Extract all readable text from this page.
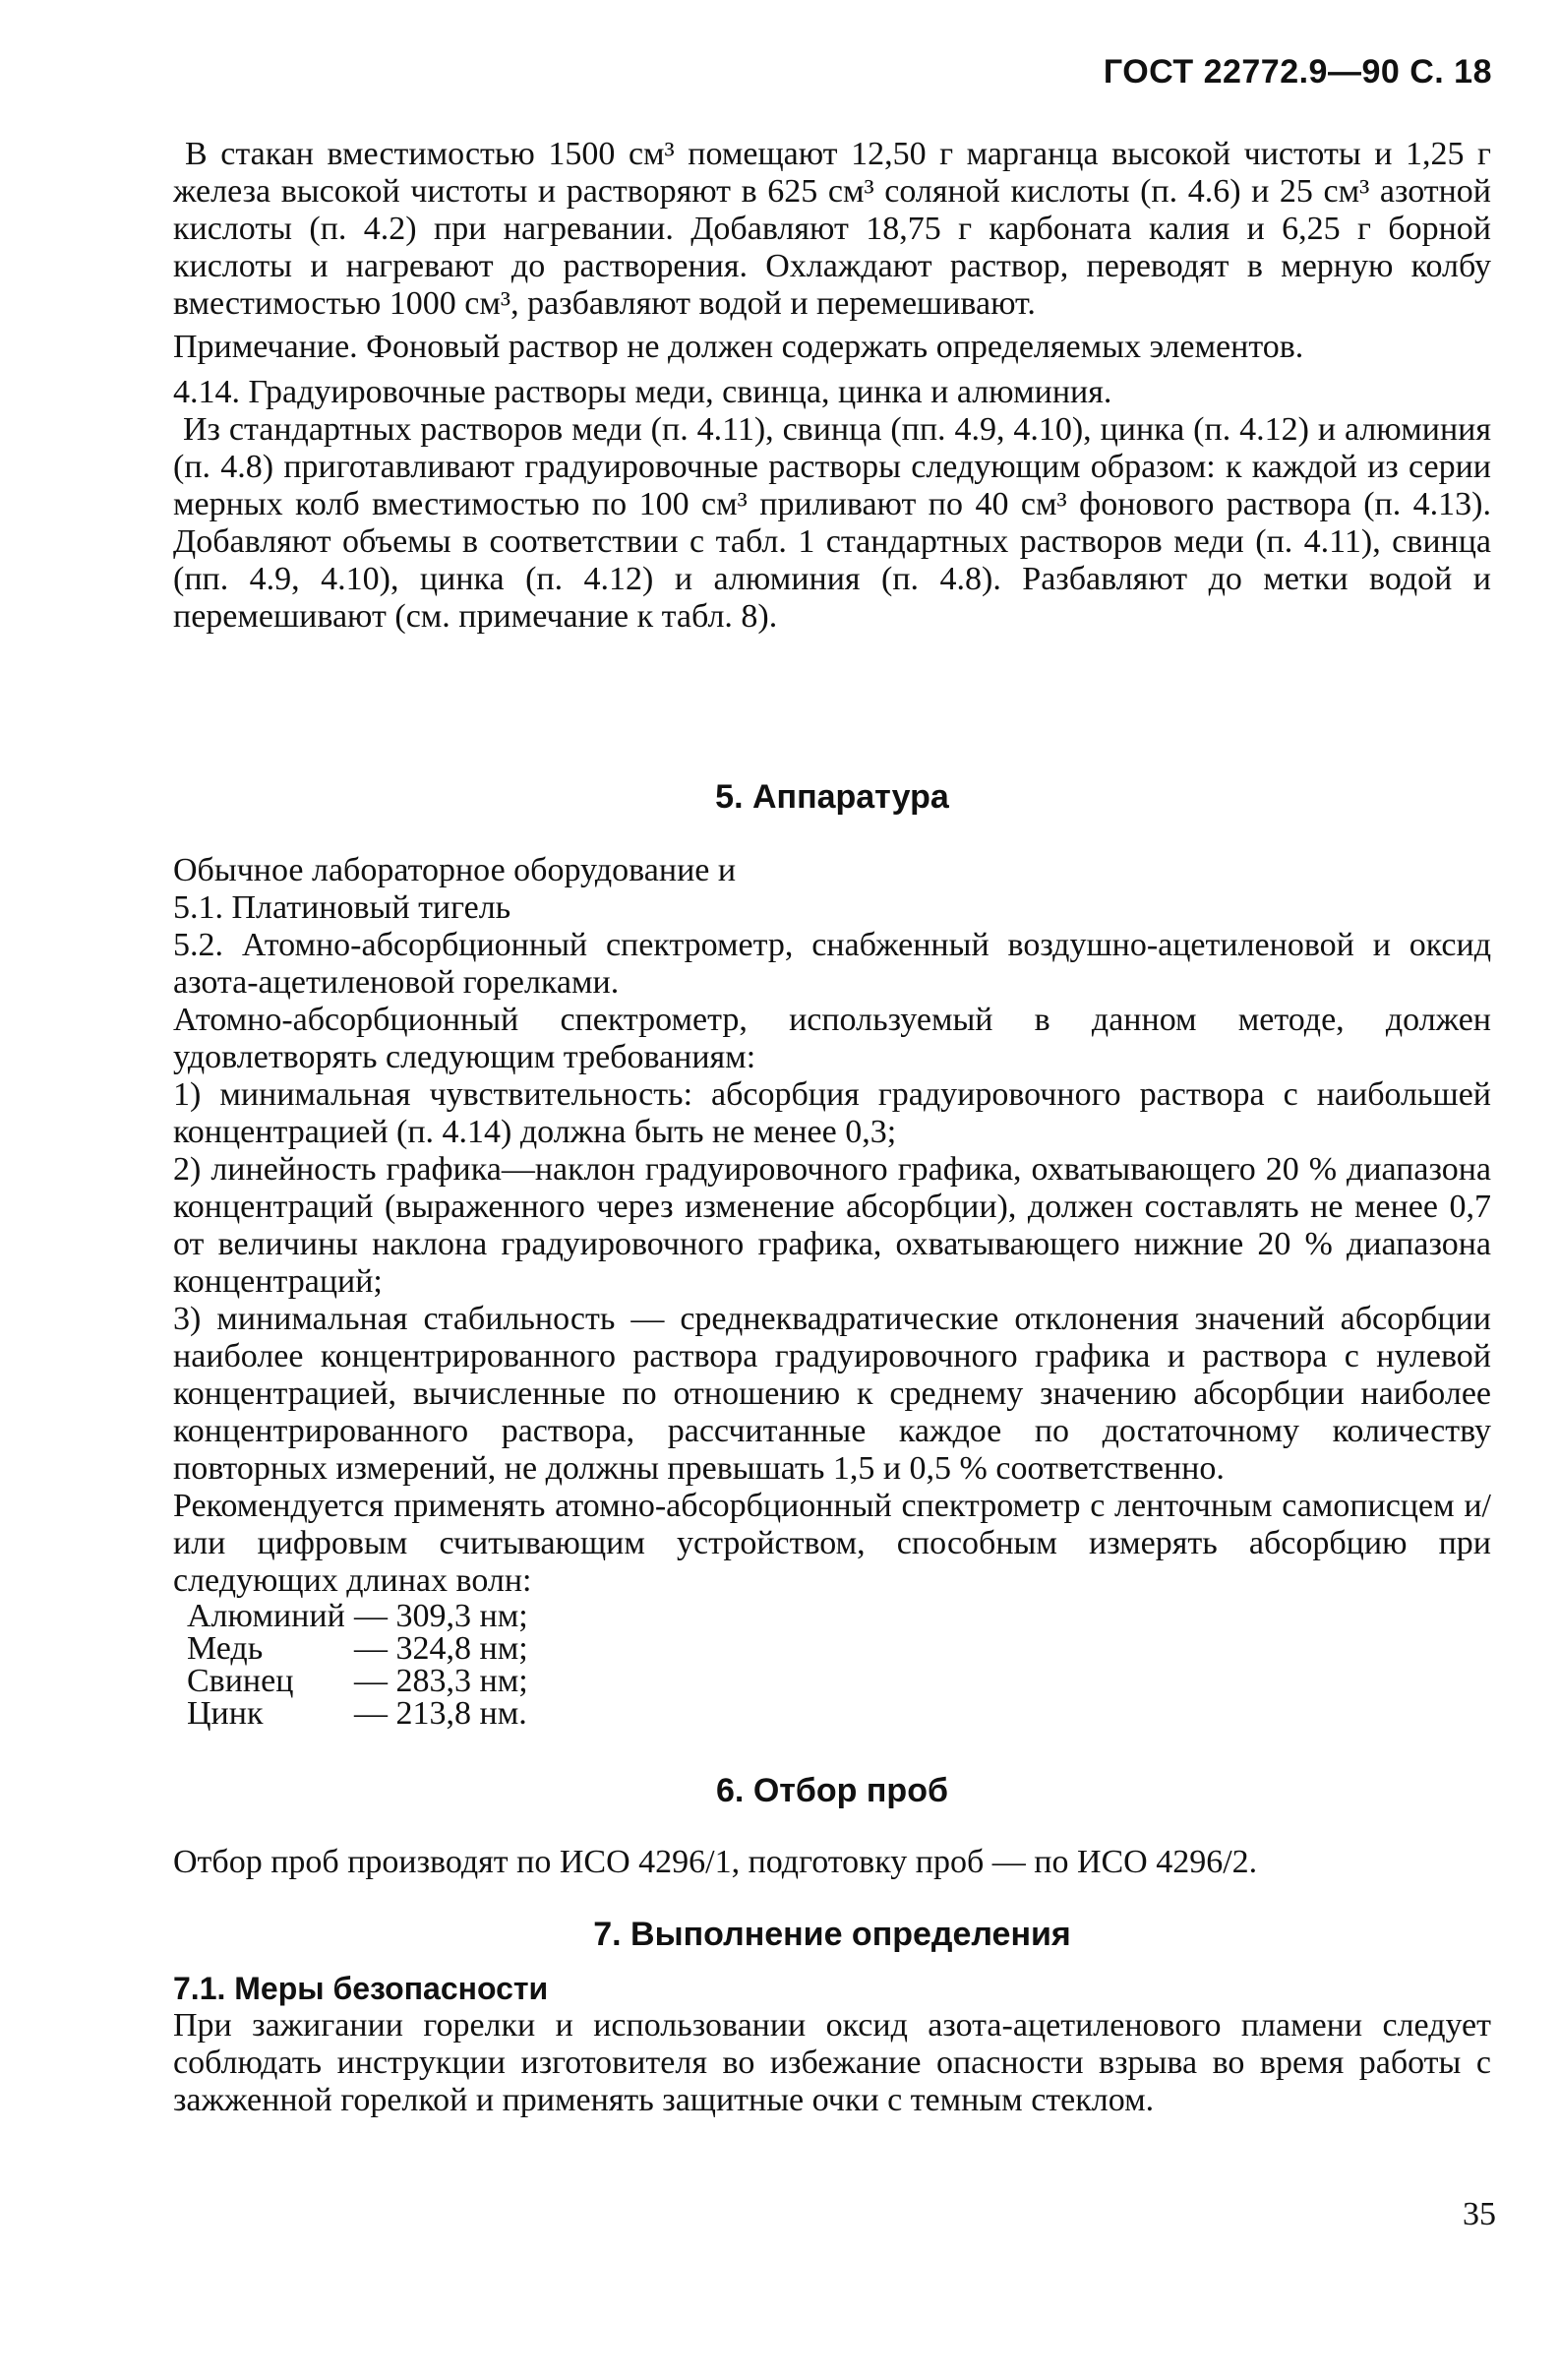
ГОСТ 22772.9—90 С. 18

В стакан вместимостью 1500 см³ помещают 12,50 г марганца высокой чистоты и 1,25 г железа высокой чистоты и растворяют в 625 см³ соляной кислоты (п. 4.6) и 25 см³ азотной кислоты (п. 4.2) при нагревании. Добавляют 18,75 г карбоната калия и 6,25 г борной кислоты и нагревают до растворения. Охлаждают раствор, переводят в мерную колбу вместимостью 1000 см³, разбавляют водой и перемешивают.

Примечание. Фоновый раствор не должен содержать определяемых элементов.

4.14. Градуировочные растворы меди, свинца, цинка и алюминия.

Из стандартных растворов меди (п. 4.11), свинца (пп. 4.9, 4.10), цинка (п. 4.12) и алюминия (п. 4.8) приготавливают градуировочные растворы следующим образом: к каждой из серии мерных колб вместимостью по 100 см³ приливают по 40 см³ фонового раствора (п. 4.13). Добавляют объемы в соответствии с табл. 1 стандартных растворов меди (п. 4.11), свинца (пп. 4.9, 4.10), цинка (п. 4.12) и алюминия (п. 4.8). Разбавляют до метки водой и перемешивают (см. примечание к табл. 8).

5. Аппаратура

Обычное лабораторное оборудование и

5.1. Платиновый тигель

5.2. Атомно-абсорбционный спектрометр, снабженный воздушно-ацетиленовой и оксид азота-ацетиленовой горелками.

Атомно-абсорбционный спектрометр, используемый в данном методе, должен удовлетворять следующим требованиям:

1) минимальная чувствительность: абсорбция градуировочного раствора с наибольшей концентрацией (п. 4.14) должна быть не менее 0,3;

2) линейность графика—наклон градуировочного графика, охватывающего 20 % диапазона концентраций (выраженного через изменение абсорбции), должен составлять не менее 0,7 от величины наклона градуировочного графика, охватывающего нижние 20 % диапазона концентраций;

3) минимальная стабильность — среднеквадратические отклонения значений абсорбции наиболее концентрированного раствора градуировочного графика и раствора с нулевой концентрацией, вычисленные по отношению к среднему значению абсорбции наиболее концентрированного раствора, рассчитанные каждое по достаточному количеству повторных измерений, не должны превышать 1,5 и 0,5 % соответственно.

Рекомендуется применять атомно-абсорбционный спектрометр с ленточным самописцем и/или цифровым считывающим устройством, способным измерять абсорбцию при следующих длинах волн:

Алюминий	— 309,3 нм;
Медь	— 324,8 нм;
Свинец	— 283,3 нм;
Цинк	— 213,8 нм.
6. Отбор проб

Отбор проб производят по ИСО 4296/1, подготовку проб — по ИСО 4296/2.

7. Выполнение определения

7.1. Меры безопасности

При зажигании горелки и использовании оксид азота-ацетиленового пламени следует соблюдать инструкции изготовителя во избежание опасности взрыва во время работы с зажженной горелкой и применять защитные очки с темным стеклом.

35
